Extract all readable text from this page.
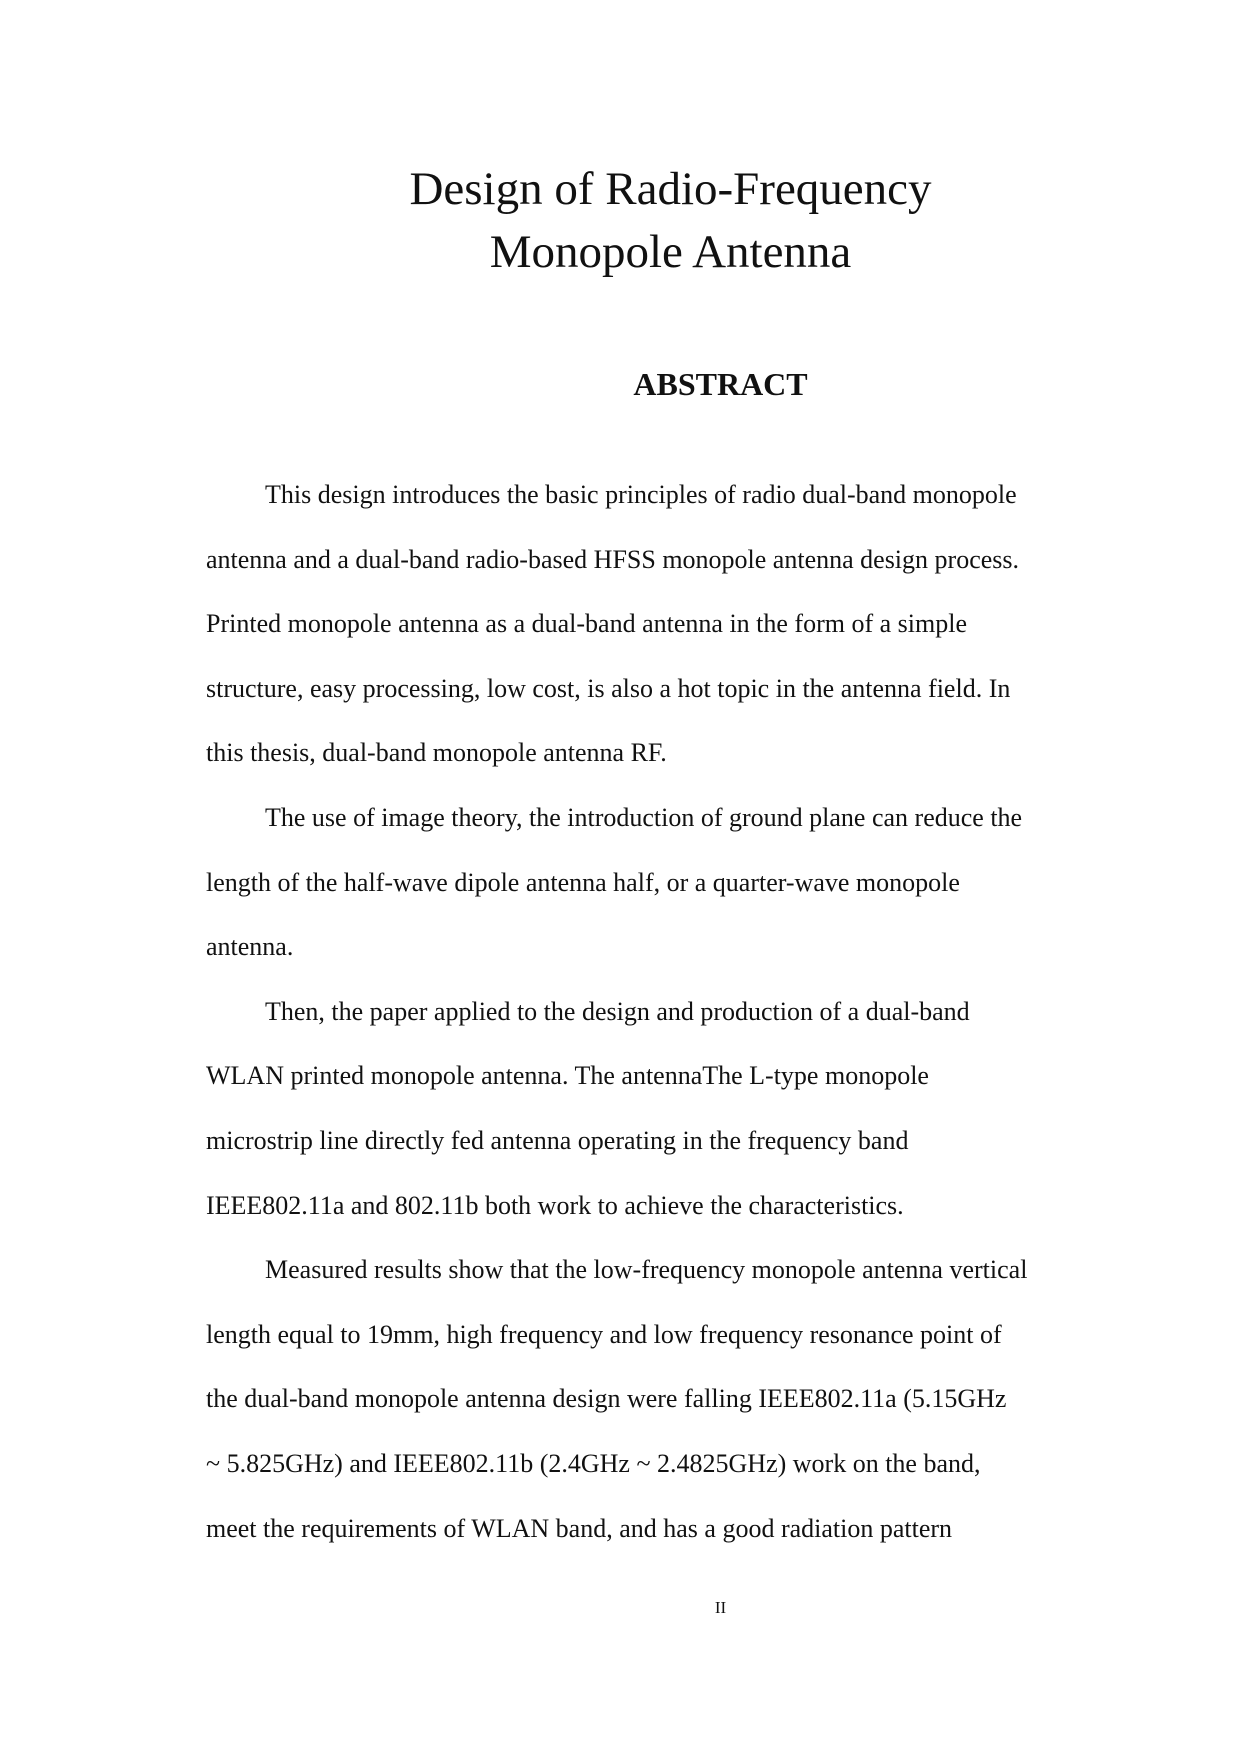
Design of Radio-Frequency
Monopole Antenna
ABSTRACT

This design introduces the basic principles of radio dual-band monopole
antenna and a dual-band radio-based HFSS monopole antenna design process.
Printed monopole antenna as a dual-band antenna in the form of a simple
structure, easy processing, low cost, is also a hot topic in the antenna field. In
this thesis, dual-band monopole antenna RF.

The use of image theory, the introduction of ground plane can reduce the
length of the half-wave dipole antenna half, or a quarter-wave monopole
antenna.

Then, the paper applied to the design and production of a dual-band
WLAN printed monopole antenna. The antennaThe L-type monopole
microstrip line directly fed antenna operating in the frequency band
IEEE802.11a and 802.11b both work to achieve the characteristics.

Measured results show that the low-frequency monopole antenna vertical
length equal to 19mm, high frequency and low frequency resonance point of
the dual-band monopole antenna design were falling IEEE802.11a (5.15GHz
~ 5.825GHz) and IEEE802.11b (2.4GHz ~ 2.4825GHz) work on the band,
meet the requirements of WLAN band, and has a good radiation pattern

II
